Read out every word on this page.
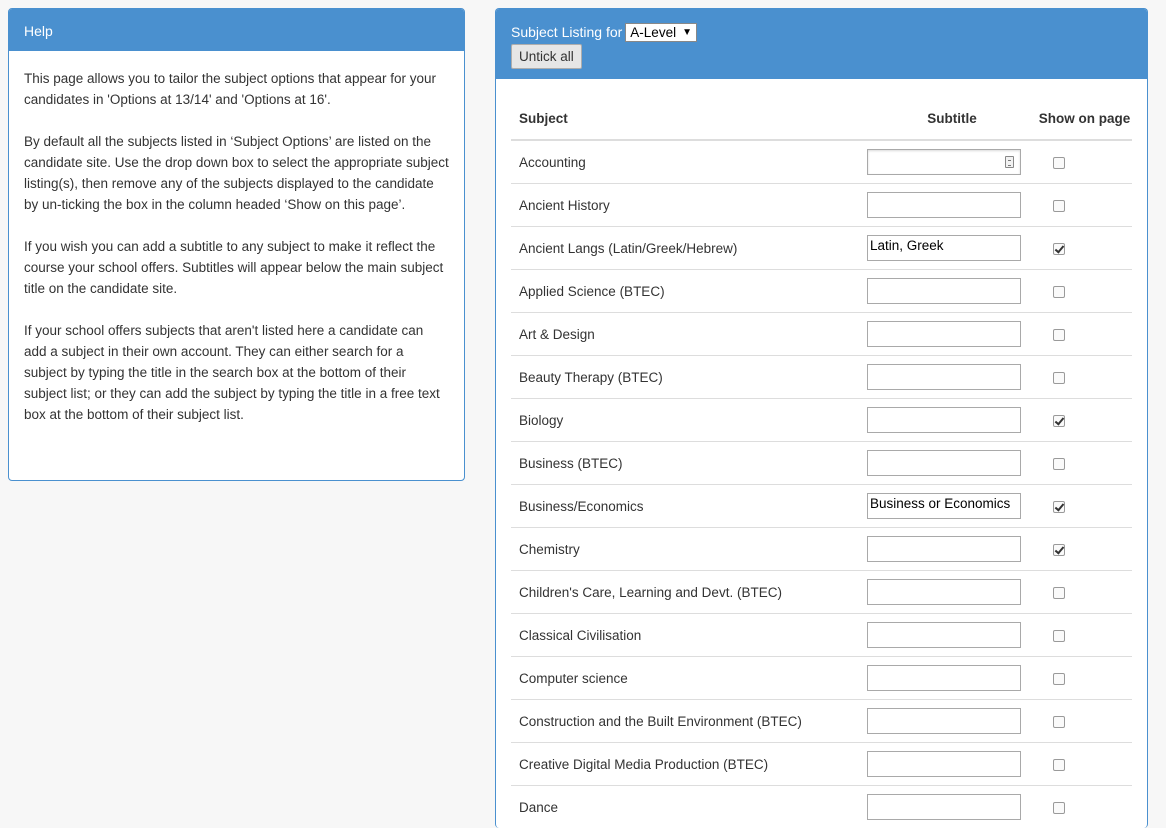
Help

This page allows you to tailor the subject options that appear for your candidates in 'Options at 13/14' and 'Options at 16'.

By default all the subjects listed in ‘Subject Options’ are listed on the candidate site. Use the drop down box to select the appropriate subject listing(s), then remove any of the subjects displayed to the candidate by un-ticking the box in the column headed ‘Show on this page’.

If you wish you can add a subtitle to any subject to make it reflect the course your school offers. Subtitles will appear below the main subject title on the candidate site.

If your school offers subjects that aren't listed here a candidate can add a subject in their own account. They can either search for a subject by typing the title in the search box at the bottom of their subject list; or they can add the subject by typing the title in a free text box at the bottom of their subject list.

Subject Listing for A-Level ▼
Untick all
Subject	Subtitle	Show on page
Accounting	

Ancient History	

Ancient Langs (Latin/Greek/Hebrew)	Latin, Greek	

Applied Science (BTEC)	

Art & Design	

Beauty Therapy (BTEC)	

Biology	

Business (BTEC)	

Business/Economics	Business or Economics	

Chemistry	

Children's Care, Learning and Devt. (BTEC)	

Classical Civilisation	

Computer science	

Construction and the Built Environment (BTEC)	

Creative Digital Media Production (BTEC)	

Dance	
